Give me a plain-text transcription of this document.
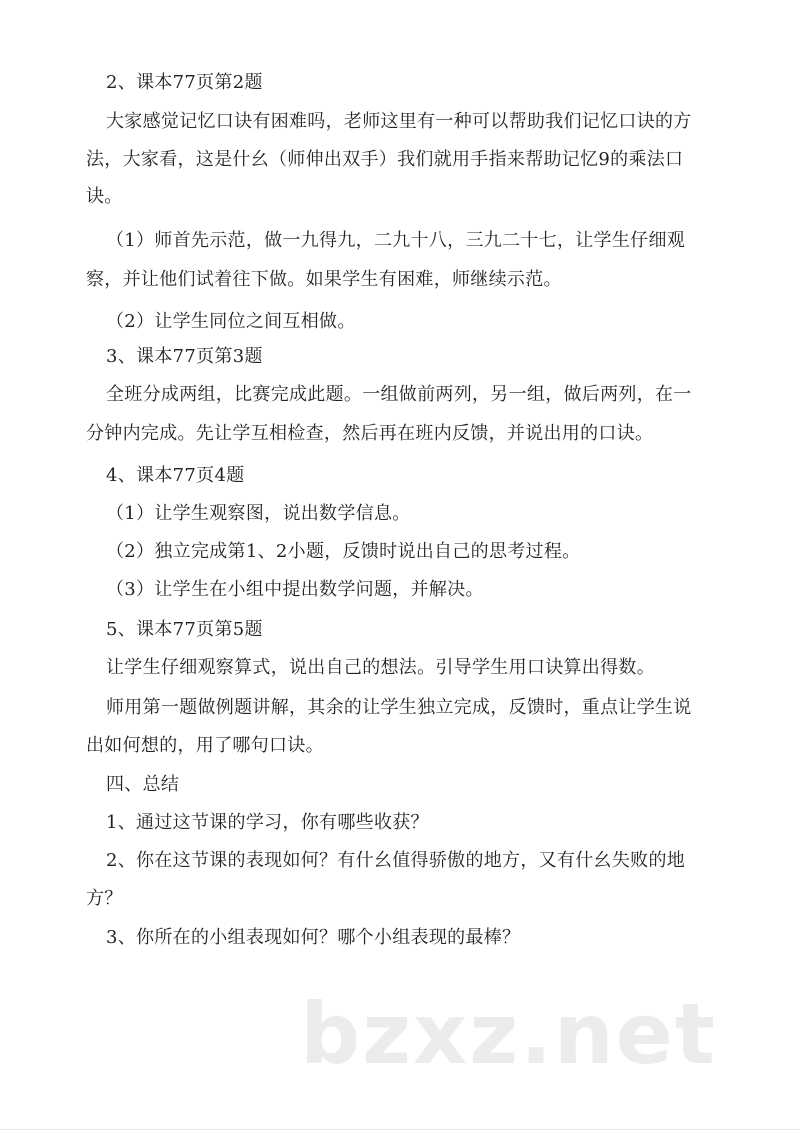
2、课本77页第2题
大家感觉记忆口诀有困难吗，老师这里有一种可以帮助我们记忆口诀的方
法，大家看，这是什幺（师伸出双手）我们就用手指来帮助记忆9的乘法口
诀。
（1）师首先示范，做一九得九，二九十八，三九二十七，让学生仔细观
察，并让他们试着往下做。如果学生有困难，师继续示范。
（2）让学生同位之间互相做。
3、课本77页第3题
全班分成两组，比赛完成此题。一组做前两列，另一组，做后两列，在一
分钟内完成。先让学互相检查，然后再在班内反馈，并说出用的口诀。
4、课本77页4题
（1）让学生观察图，说出数学信息。
（2）独立完成第1、2小题，反馈时说出自己的思考过程。
（3）让学生在小组中提出数学问题，并解决。
5、课本77页第5题
让学生仔细观察算式，说出自己的想法。引导学生用口诀算出得数。
师用第一题做例题讲解，其余的让学生独立完成，反馈时，重点让学生说
出如何想的，用了哪句口诀。
四、总结
1、通过这节课的学习，你有哪些收获？
2、你在这节课的表现如何？有什幺值得骄傲的地方，又有什幺失败的地
方？
3、你所在的小组表现如何？哪个小组表现的最棒？
bzxz.net
